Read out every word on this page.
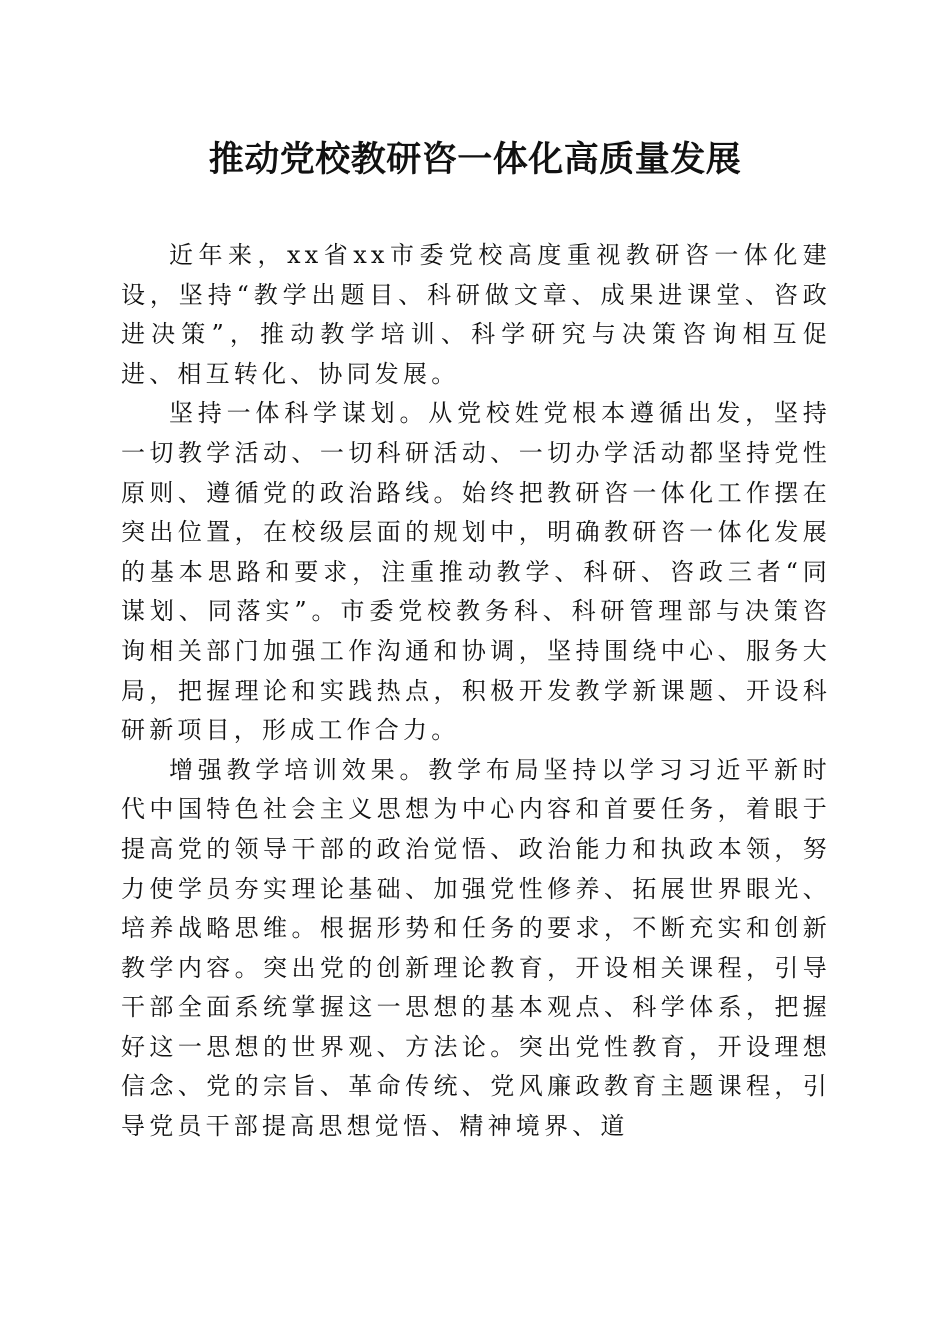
推动党校教研咨一体化高质量发展

近年来，xx省xx市委党校高度重视教研咨一体化建设，坚持“教学出题目、科研做文章、成果进课堂、咨政进决策”，推动教学培训、科学研究与决策咨询相互促进、相互转化、协同发展。

坚持一体科学谋划。从党校姓党根本遵循出发，坚持一切教学活动、一切科研活动、一切办学活动都坚持党性原则、遵循党的政治路线。始终把教研咨一体化工作摆在突出位置，在校级层面的规划中，明确教研咨一体化发展的基本思路和要求，注重推动教学、科研、咨政三者“同谋划、同落实”。市委党校教务科、科研管理部与决策咨询相关部门加强工作沟通和协调，坚持围绕中心、服务大局，把握理论和实践热点，积极开发教学新课题、开设科研新项目，形成工作合力。

增强教学培训效果。教学布局坚持以学习习近平新时代中国特色社会主义思想为中心内容和首要任务，着眼于提高党的领导干部的政治觉悟、政治能力和执政本领，努力使学员夯实理论基础、加强党性修养、拓展世界眼光、培养战略思维。根据形势和任务的要求，不断充实和创新教学内容。突出党的创新理论教育，开设相关课程，引导干部全面系统掌握这一思想的基本观点、科学体系，把握好这一思想的世界观、方法论。突出党性教育，开设理想信念、党的宗旨、革命传统、党风廉政教育主题课程，引导党员干部提高思想觉悟、精神境界、道
